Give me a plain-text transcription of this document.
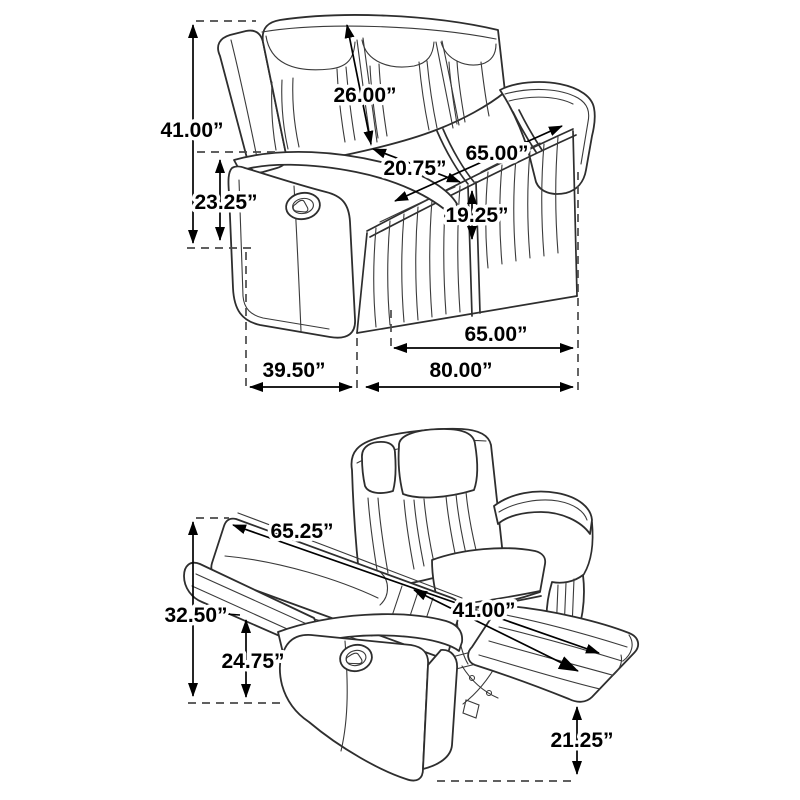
41.00”
26.00”
23.25”
20.75”
65.00”
19.25”
65.00”
39.50”	80.00”
65.25”
32.50”
24.75”
41.00”
21.25”
